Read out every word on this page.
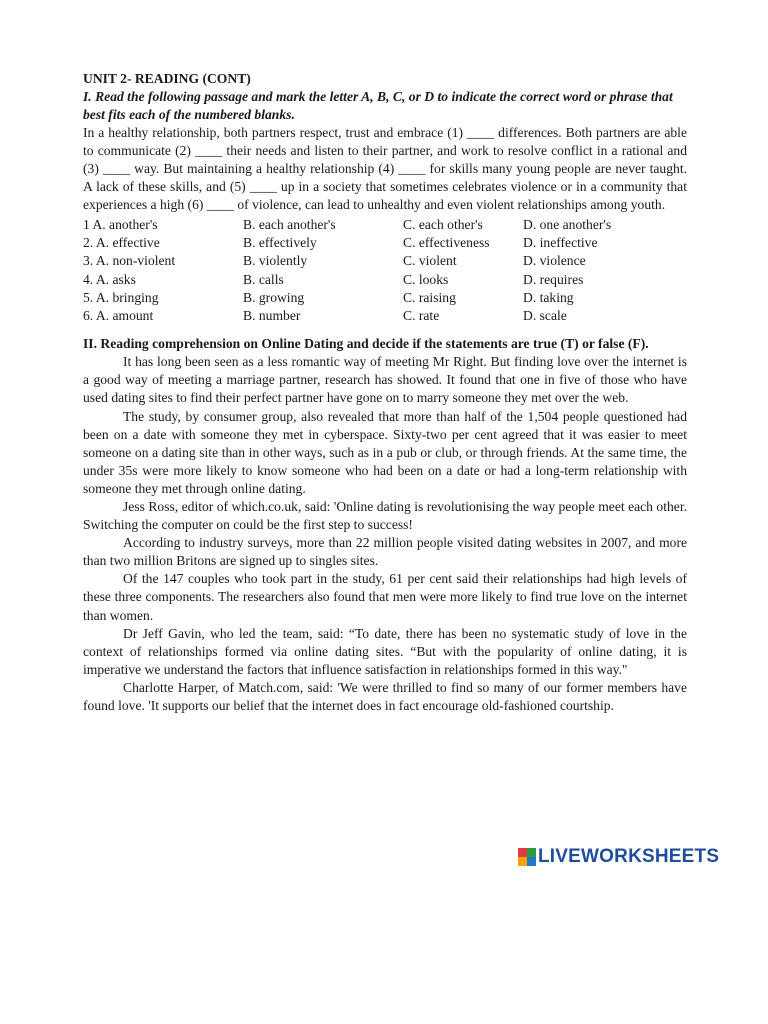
UNIT 2- READING (CONT)

I. Read the following passage and mark the letter A, B, C, or D to indicate the correct word or phrase that best fits each of the numbered blanks.

In a healthy relationship, both partners respect, trust and embrace (1) ____ differences. Both partners are able to communicate (2) ____ their needs and listen to their partner, and work to resolve conflict in a rational and (3) ____ way. But maintaining a healthy relationship (4) ____ for skills many young people are never taught. A lack of these skills, and (5) ____ up in a society that sometimes celebrates violence or in a community that experiences a high (6) ____ of violence, can lead to unhealthy and even violent relationships among youth.

1 A. another's	B. each another's	C. each other's	D. one another's
2. A. effective	B. effectively	C. effectiveness	D. ineffective
3. A. non-violent	B. violently	C. violent	D. violence
4. A. asks	B. calls	C. looks	D. requires
5. A. bringing	B. growing	C. raising	D. taking
6. A. amount	B. number	C. rate	D. scale

II. Reading comprehension on Online Dating and decide if the statements are true (T) or false (F).

It has long been seen as a less romantic way of meeting Mr Right. But finding love over the internet is a good way of meeting a marriage partner, research has showed. It found that one in five of those who have used dating sites to find their perfect partner have gone on to marry someone they met over the web.

The study, by consumer group, also revealed that more than half of the 1,504 people questioned had been on a date with someone they met in cyberspace. Sixty-two per cent agreed that it was easier to meet someone on a dating site than in other ways, such as in a pub or club, or through friends. At the same time, the under 35s were more likely to know someone who had been on a date or had a long-term relationship with someone they met through online dating.

Jess Ross, editor of which.co.uk, said: 'Online dating is revolutionising the way people meet each other. Switching the computer on could be the first step to success!

According to industry surveys, more than 22 million people visited dating websites in 2007, and more than two million Britons are signed up to singles sites.

Of the 147 couples who took part in the study, 61 per cent said their relationships had high levels of these three components. The researchers also found that men were more likely to find true love on the internet than women.

Dr Jeff Gavin, who led the team, said: “To date, there has been no systematic study of love in the context of relationships formed via online dating sites. “But with the popularity of online dating, it is imperative we understand the factors that influence satisfaction in relationships formed in this way."

Charlotte Harper, of Match.com, said: 'We were thrilled to find so many of our former members have found love. 'It supports our belief that the internet does in fact encourage old-fashioned courtship.

LIVEWORKSHEETS
